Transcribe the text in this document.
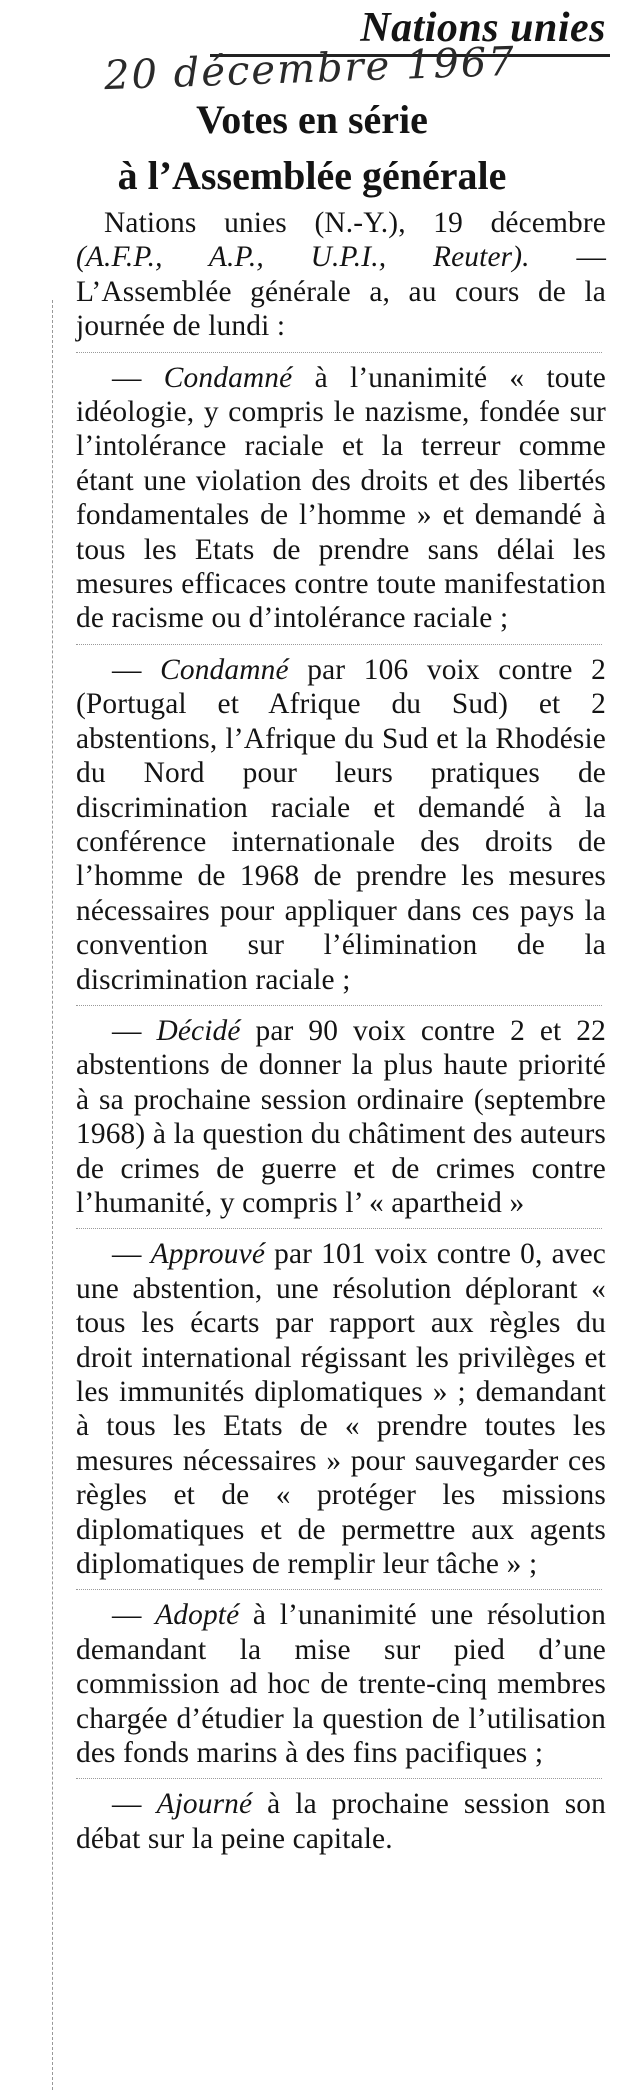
Nations unies
20 décembre 1967
Votes en série
à l’Assemblée générale

Nations unies (N.-Y.), 19 décembre (A.F.P., A.P., U.P.I., Reuter). — L’Assemblée générale a, au cours de la journée de lundi :

— Condamné à l’unanimité « toute idéologie, y compris le nazisme, fondée sur l’intolérance raciale et la terreur comme étant une violation des droits et des libertés fondamentales de l’homme » et demandé à tous les Etats de prendre sans délai les mesures efficaces contre toute manifestation de racisme ou d’intolérance raciale ;

— Condamné par 106 voix contre 2 (Portugal et Afrique du Sud) et 2 abstentions, l’Afrique du Sud et la Rhodésie du Nord pour leurs pratiques de discrimination raciale et demandé à la conférence internationale des droits de l’homme de 1968 de prendre les mesures nécessaires pour appliquer dans ces pays la convention sur l’élimination de la discrimination raciale ;

— Décidé par 90 voix contre 2 et 22 abstentions de donner la plus haute priorité à sa prochaine session ordinaire (septembre 1968) à la question du châtiment des auteurs de crimes de guerre et de crimes contre l’humanité, y compris l’ « apartheid »

— Approuvé par 101 voix contre 0, avec une abstention, une résolution déplorant « tous les écarts par rapport aux règles du droit international régissant les privilèges et les immunités diplomatiques » ; demandant à tous les Etats de « prendre toutes les mesures nécessaires » pour sauvegarder ces règles et de « protéger les missions diplomatiques et de permettre aux agents diplomatiques de remplir leur tâche » ;

— Adopté à l’unanimité une résolution demandant la mise sur pied d’une commission ad hoc de trente-cinq membres chargée d’étudier la question de l’utilisation des fonds marins à des fins pacifiques ;

— Ajourné à la prochaine session son débat sur la peine capitale.
